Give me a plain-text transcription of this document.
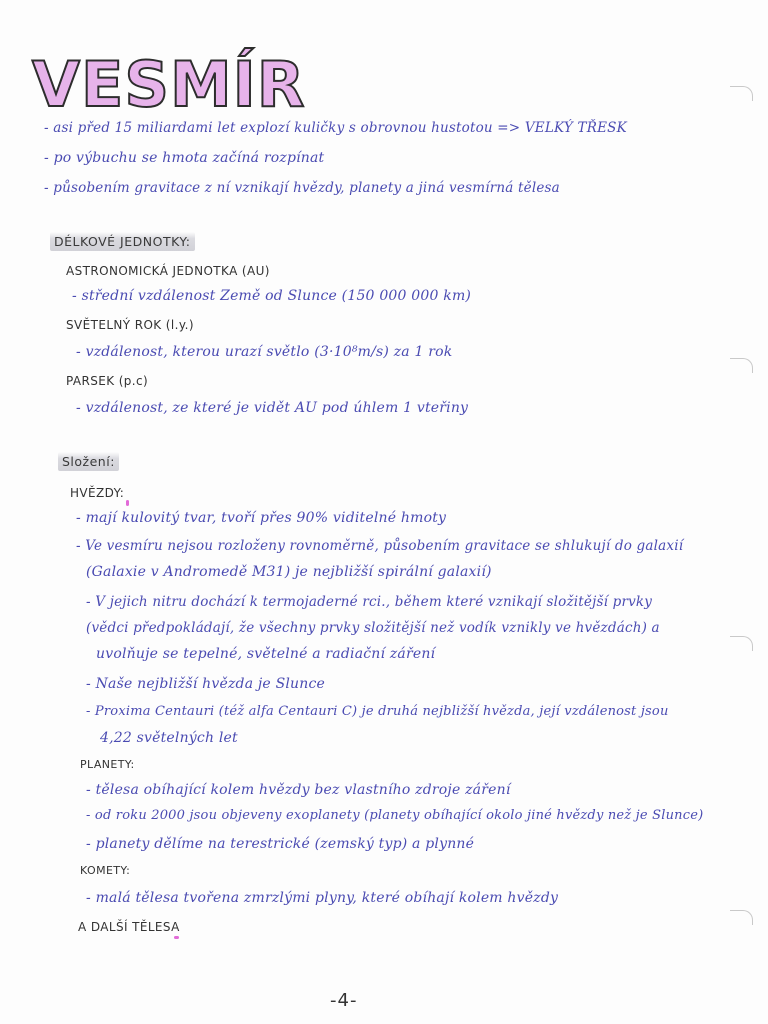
VESMÍR
- asi před 15 miliardami let explozí kuličky s obrovnou hustotou => VELKÝ TŘESK
- po výbuchu se hmota začíná rozpínat
- působením gravitace z ní vznikají hvězdy, planety a jiná vesmírná tělesa
DÉLKOVÉ JEDNOTKY:
ASTRONOMICKÁ JEDNOTKA (AU)
- střední vzdálenost Země od Slunce (150 000 000 km)
SVĚTELNÝ ROK (l.y.)
- vzdálenost, kterou urazí světlo (3·10⁸m/s) za 1 rok
PARSEK (p.c)
- vzdálenost, ze které je vidět AU pod úhlem 1 vteřiny
Složení:
HVĚZDY:
- mají kulovitý tvar, tvoří přes 90% viditelné hmoty
- Ve vesmíru nejsou rozloženy rovnoměrně, působením gravitace se shlukují do galaxií
(Galaxie v Andromedě M31) je nejbližší spirální galaxií)
- V jejich nitru dochází k termojaderné rci., během které vznikají složitější prvky
(vědci předpokládají, že všechny prvky složitější než vodík vznikly ve hvězdách) a
uvolňuje se tepelné, světelné a radiační záření
- Naše nejbližší hvězda je Slunce
- Proxima Centauri (též alfa Centauri C) je druhá nejbližší hvězda, její vzdálenost jsou
4,22 světelných let
PLANETY:
- tělesa obíhající kolem hvězdy bez vlastního zdroje záření
- od roku 2000 jsou objeveny exoplanety (planety obíhající okolo jiné hvězdy než je Slunce)
- planety dělíme na terestrické (zemský typ) a plynné
KOMETY:
- malá tělesa tvořena zmrzlými plyny, které obíhají kolem hvězdy
A DALŠÍ TĚLESA
-4-
